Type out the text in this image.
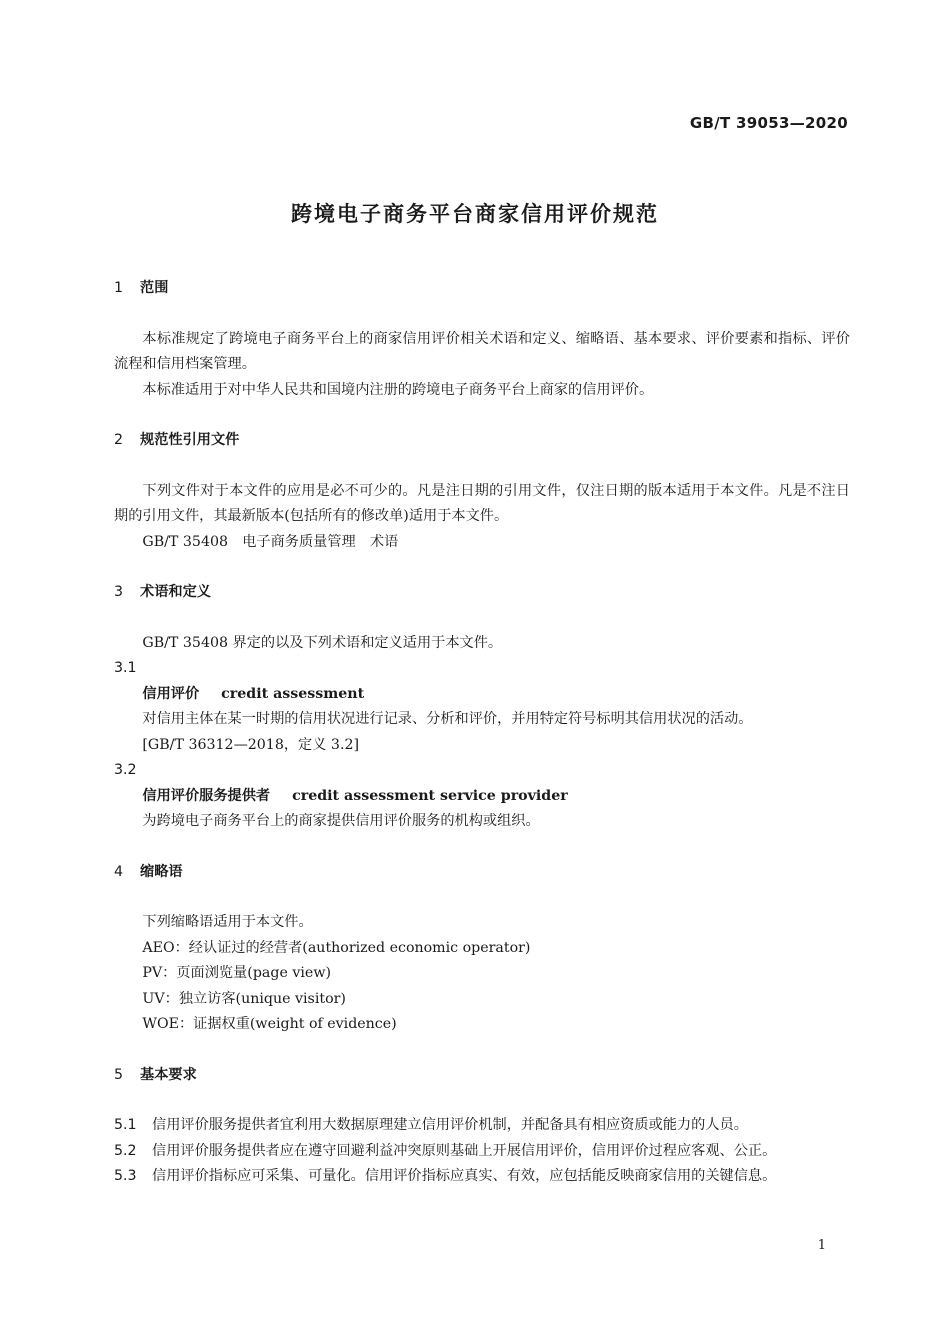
GB/T 39053—2020
跨境电子商务平台商家信用评价规范
1 范围
本标准规定了跨境电子商务平台上的商家信用评价相关术语和定义、缩略语、基本要求、评价要素和指标、评价流程和信用档案管理。
本标准适用于对中华人民共和国境内注册的跨境电子商务平台上商家的信用评价。
2 规范性引用文件
下列文件对于本文件的应用是必不可少的。凡是注日期的引用文件，仅注日期的版本适用于本文件。凡是不注日期的引用文件，其最新版本(包括所有的修改单)适用于本文件。
GB/T 35408　电子商务质量管理　术语
3 术语和定义
GB/T 35408 界定的以及下列术语和定义适用于本文件。
3.1
信用评价 credit assessment
对信用主体在某一时期的信用状况进行记录、分析和评价，并用特定符号标明其信用状况的活动。
[GB/T 36312—2018，定义 3.2]
3.2
信用评价服务提供者 credit assessment service provider
为跨境电子商务平台上的商家提供信用评价服务的机构或组织。
4 缩略语
下列缩略语适用于本文件。
AEO：经认证过的经营者(authorized economic operator)
PV：页面浏览量(page view)
UV：独立访客(unique visitor)
WOE：证据权重(weight of evidence)
5 基本要求
5.1 信用评价服务提供者宜利用大数据原理建立信用评价机制，并配备具有相应资质或能力的人员。
5.2 信用评价服务提供者应在遵守回避利益冲突原则基础上开展信用评价，信用评价过程应客观、公正。
5.3 信用评价指标应可采集、可量化。信用评价指标应真实、有效，应包括能反映商家信用的关键信息。
1
